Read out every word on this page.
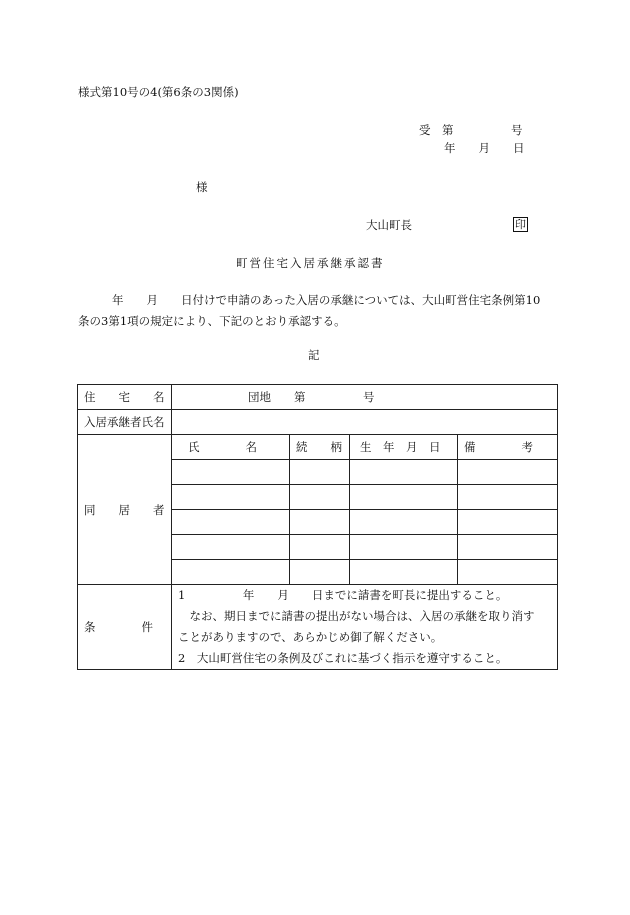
様式第10号の4(第6条の3関係)
受　第　　　　　号
年　　月　　日
様
大山町長	印
町営住宅入居承継承認書

年　　月　　日付けで申請のあった入居の承継については、大山町営住宅条例第10

条の3第1項の規定により、下記のとおり承認する。

記
住　　宅　　名	団地　　第　　　　　号			
入居承継者氏名				
同　　居　　者	氏　　　　名	続　　柄	生　年　月　日	備　　　　考

条　　　　件	1　　　　　年　　月　　日までに請書を町長に提出すること。

　なお、期日までに請書の提出がない場合は、入居の承継を取り消す

ことがありますので、あらかじめ御了解ください。

2　大山町営住宅の条例及びこれに基づく指示を遵守すること。			
